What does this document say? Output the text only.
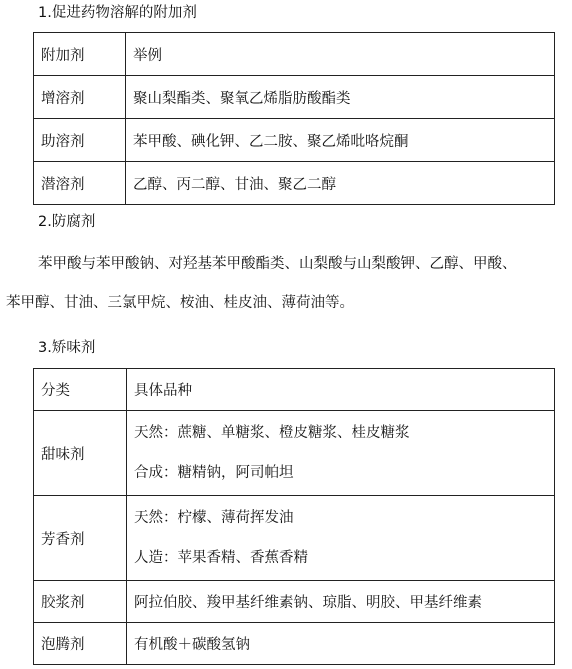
1.促进药物溶解的附加剂
附加剂	举例
增溶剂	聚山梨酯类、聚氧乙烯脂肪酸酯类
助溶剂	苯甲酸、碘化钾、乙二胺、聚乙烯吡咯烷酮
潜溶剂	乙醇、丙二醇、甘油、聚乙二醇
2.防腐剂
苯甲酸与苯甲酸钠、对羟基苯甲酸酯类、山梨酸与山梨酸钾、乙醇、甲酸、
苯甲醇、甘油、三氯甲烷、桉油、桂皮油、薄荷油等。
3.矫味剂
分类	具体品种
甜味剂	天然：蔗糖、单糖浆、橙皮糖浆、桂皮糖浆
合成：糖精钠，阿司帕坦

芳香剂	天然：柠檬、薄荷挥发油
人造：苹果香精、香蕉香精

胶浆剂	阿拉伯胶、羧甲基纤维素钠、琼脂、明胶、甲基纤维素
泡腾剂	有机酸＋碳酸氢钠
